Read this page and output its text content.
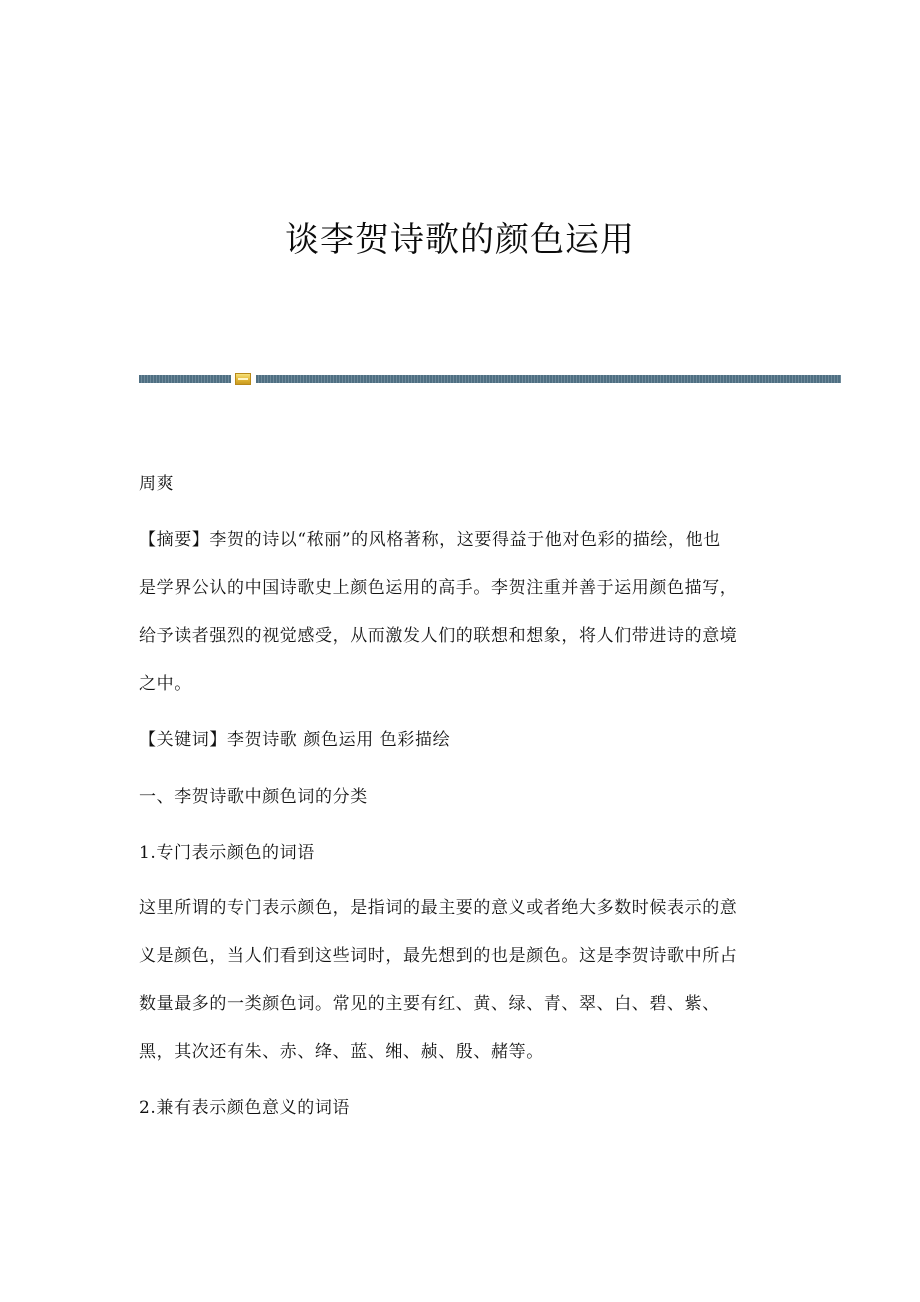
谈李贺诗歌的颜色运用
周爽
【摘要】李贺的诗以“秾丽”的风格著称，这要得益于他对色彩的描绘，他也
是学界公认的中国诗歌史上颜色运用的高手。李贺注重并善于运用颜色描写，
给予读者强烈的视觉感受，从而激发人们的联想和想象，将人们带进诗的意境
之中。
【关键词】李贺诗歌 颜色运用 色彩描绘
一、李贺诗歌中颜色词的分类
1.专门表示颜色的词语
这里所谓的专门表示颜色，是指词的最主要的意义或者绝大多数时候表示的意
义是颜色，当人们看到这些词时，最先想到的也是颜色。这是李贺诗歌中所占
数量最多的一类颜色词。常见的主要有红、黄、绿、青、翠、白、碧、紫、
黑，其次还有朱、赤、绛、蓝、缃、赪、殷、赭等。
2.兼有表示颜色意义的词语
